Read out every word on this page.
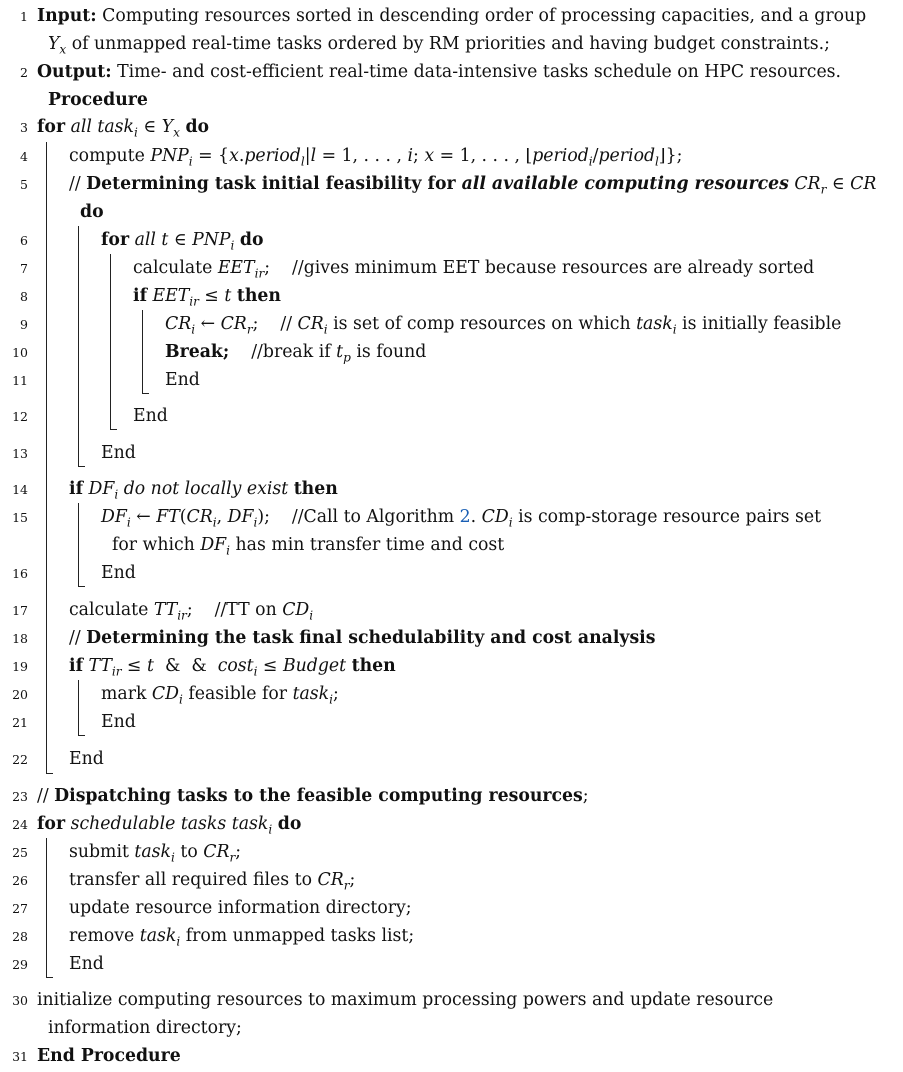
1 Input: Computing resources sorted in descending order of processing capacities, and a group
$Y_x$ of unmapped real-time tasks ordered by RM priorities and having budget constraints.;
2 Output: Time- and cost-efficient real-time data-intensive tasks schedule on HPC resources.
Procedure
3 for all task$_i$ ∈ $Y_x$ do
4 compute $PNP_i$ = {x.period$_l$|l = 1, . . . , i; x = 1, . . . , ⌊period$_i$/period$_l$⌋};
5 // Determining task initial feasibility for all available computing resources $CR_r$ ∈ CR
do
6	for all t ∈ $PNP_i$ do
7	calculate $EET_{ir}$;    //gives minimum EET because resources are already sorted
8	if $EET_{ir} \le t$ then
9	$CR_i$ ← $CR_r$;    // $CR_i$ is set of comp resources on which task$_i$ is initially feasible
10	Break;    //break if $t_p$ is found
11	End
12	End
13	End
14 if $DF_i$ do not locally exist then
15	$DF_i$ ← $FT(CR_i$, $DF_i$);    //Call to Algorithm 2. $CD_i$ is comp-storage resource pairs set
for which $DF_i$ has min transfer time and cost
16	End
17 calculate $TT_{ir}$;    //TT on $CD_i$
18 // Determining the task final schedulability and cost analysis
19 if $TT_{ir} \le t$  &  &  cost$_i$ ≤ Budget then
20	mark $CD_i$ feasible for task$_i$;
21	End
22 End
23 // Dispatching tasks to the feasible computing resources;
24 for schedulable tasks task$_i$ do
25 submit task$_i$ to $CR_r$;
26 transfer all required files to $CR_r$;
27 update resource information directory;
28 remove task$_i$ from unmapped tasks list;
29 End
30 initialize computing resources to maximum processing powers and update resource
information directory;
31 End Procedure
